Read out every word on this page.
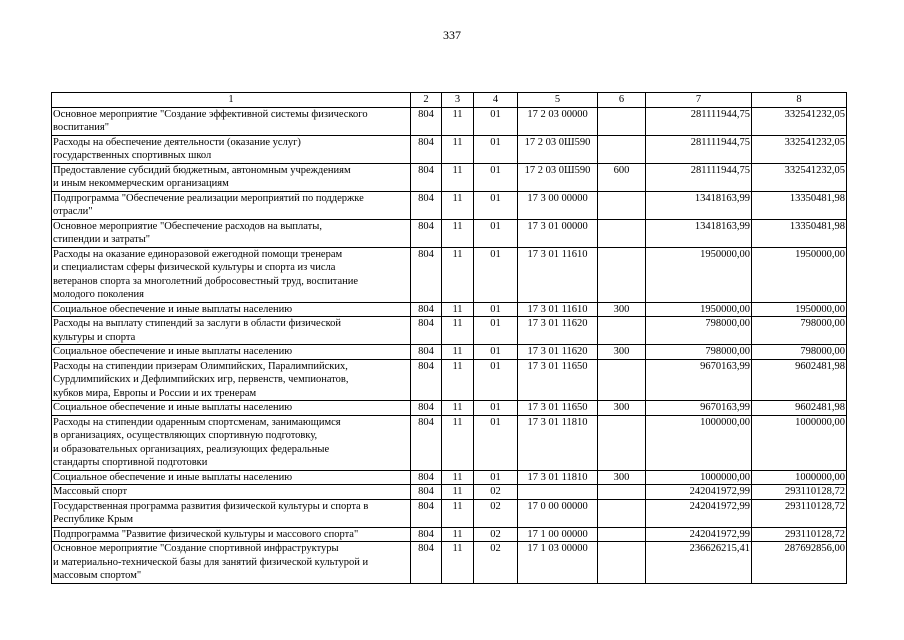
337
1	2	3	4	5	6	7	8

Основное мероприятие "Создание эффективной системы физического
воспитания"	804	11	01	17 2 03 00000		281111944,75	332541232,05

Расходы на обеспечение деятельности (оказание услуг)
государственных спортивных школ	804	11	01	17 2 03 0Ш590		281111944,75	332541232,05

Предоставление субсидий бюджетным, автономным учреждениям
и иным некоммерческим организациям	804	11	01	17 2 03 0Ш590	600	281111944,75	332541232,05

Подпрограмма "Обеспечение реализации мероприятий по поддержке
отрасли"	804	11	01	17 3 00 00000		13418163,99	13350481,98

Основное мероприятие "Обеспечение расходов на выплаты,
стипендии и затраты"	804	11	01	17 3 01 00000		13418163,99	13350481,98

Расходы на оказание единоразовой ежегодной помощи тренерам
и специалистам сферы физической культуры и спорта из числа
ветеранов спорта за многолетний добросовестный труд, воспитание
молодого поколения	804	11	01	17 3 01 11610		1950000,00	1950000,00

Социальное обеспечение и иные выплаты населению	804	11	01	17 3 01 11610	300	1950000,00	1950000,00

Расходы на выплату стипендий за заслуги в области физической
культуры и спорта	804	11	01	17 3 01 11620		798000,00	798000,00

Социальное обеспечение и иные выплаты населению	804	11	01	17 3 01 11620	300	798000,00	798000,00

Расходы на стипендии призерам Олимпийских, Паралимпийских,
Сурдлимпийских и Дефлимпийских игр, первенств, чемпионатов,
кубков мира, Европы и России и их тренерам	804	11	01	17 3 01 11650		9670163,99	9602481,98

Социальное обеспечение и иные выплаты населению	804	11	01	17 3 01 11650	300	9670163,99	9602481,98

Расходы на стипендии одаренным спортсменам, занимающимся
в организациях, осуществляющих спортивную подготовку,
и образовательных организациях, реализующих федеральные
стандарты спортивной подготовки	804	11	01	17 3 01 11810		1000000,00	1000000,00

Социальное обеспечение и иные выплаты населению	804	11	01	17 3 01 11810	300	1000000,00	1000000,00

Массовый спорт	804	11	02			242041972,99	293110128,72

Государственная программа развития физической культуры и спорта в
Республике Крым	804	11	02	17 0 00 00000		242041972,99	293110128,72

Подпрограмма "Развитие физической культуры и массового спорта"	804	11	02	17 1 00 00000		242041972,99	293110128,72

Основное мероприятие "Создание спортивной инфраструктуры
и материально-технической базы для занятий физической культурой и
массовым спортом"	804	11	02	17 1 03 00000		236626215,41	287692856,00
